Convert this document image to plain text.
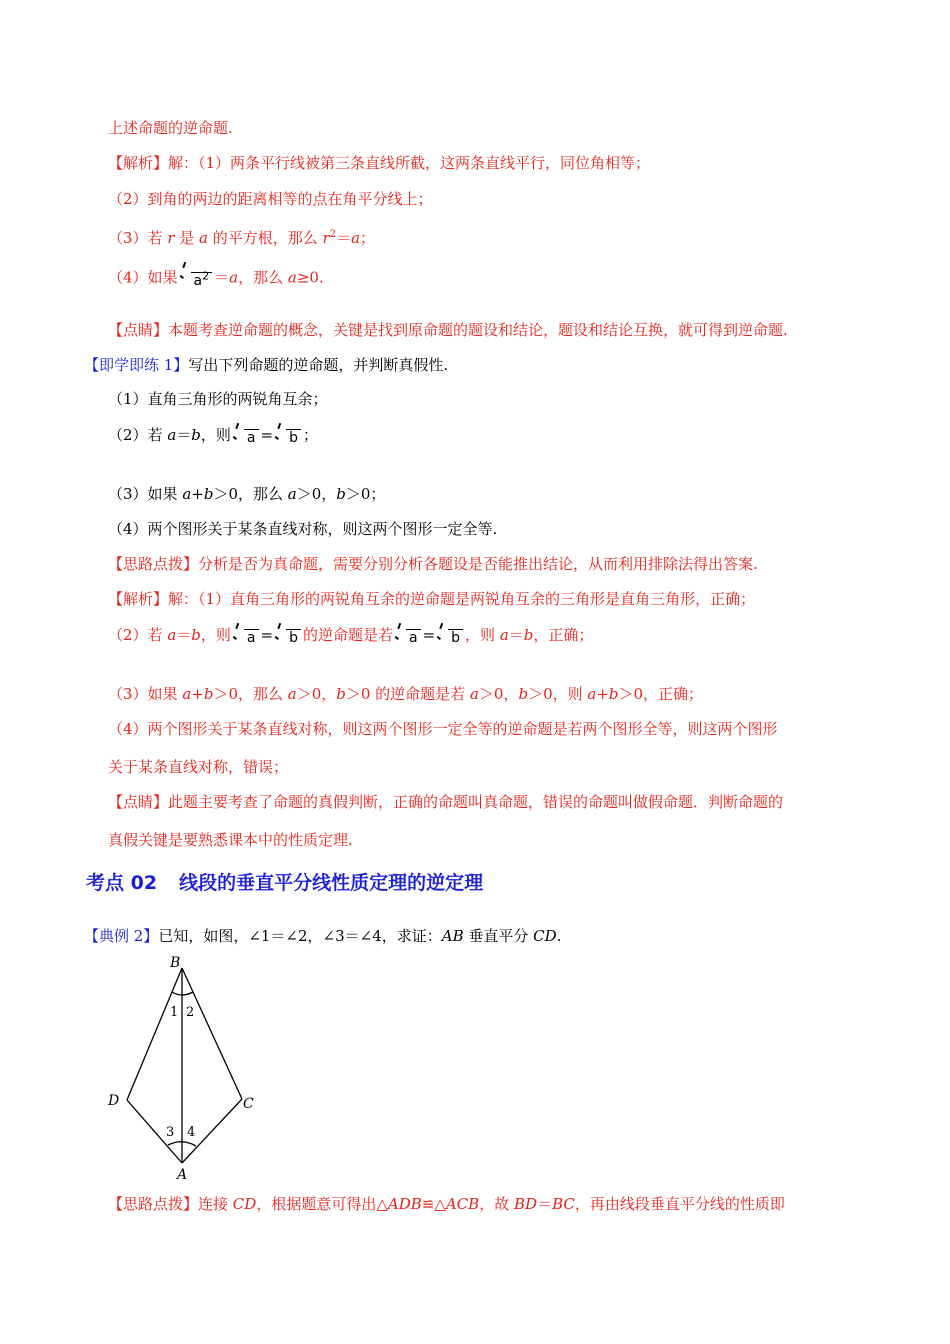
上述命题的逆命题.
【解析】解：（1）两条平行线被第三条直线所截，这两条直线平行，同位角相等；
（2）到角的两边的距离相等的点在角平分线上；
（3）若 r 是 a 的平方根，那么 $r^2=a$；
（4）如果 $a^2 =a$，那么 a≥0.
【点睛】本题考查逆命题的概念，关键是找到原命题的题设和结论，题设和结论互换，就可得到逆命题.
【即学即练 1】写出下列命题的逆命题，并判断真假性.
（1）直角三角形的两锐角互余；
（2）若 a＝b，则 a = b ；
（3）如果 a+b＞0，那么 a＞0，b＞0；
（4）两个图形关于某条直线对称，则这两个图形一定全等.
【思路点拨】分析是否为真命题，需要分别分析各题设是否能推出结论，从而利用排除法得出答案.
【解析】解：（1）直角三角形的两锐角互余的逆命题是两锐角互余的三角形是直角三角形，正确；
（2）若 a＝b，则 a = b 的逆命题是若 a = b ，则 a＝b，正确；
（3）如果 a+b＞0，那么 a＞0，b＞0 的逆命题是若 a＞0，b＞0，则 a+b＞0，正确；
（4）两个图形关于某条直线对称，则这两个图形一定全等的逆命题是若两个图形全等，则这两个图形
关于某条直线对称，错误；
【点睛】此题主要考查了命题的真假判断，正确的命题叫真命题，错误的命题叫做假命题．判断命题的
真假关键是要熟悉课本中的性质定理.
考点 02 线段的垂直平分线性质定理的逆定理
【典例 2】已知，如图，∠1＝∠2，∠3＝∠4，求证：AB 垂直平分 CD.
B
C
D
A
1 2
3 4
【思路点拨】连接 CD，根据题意可得出△ADB≌△ACB，故 BD＝BC，再由线段垂直平分线的性质即
